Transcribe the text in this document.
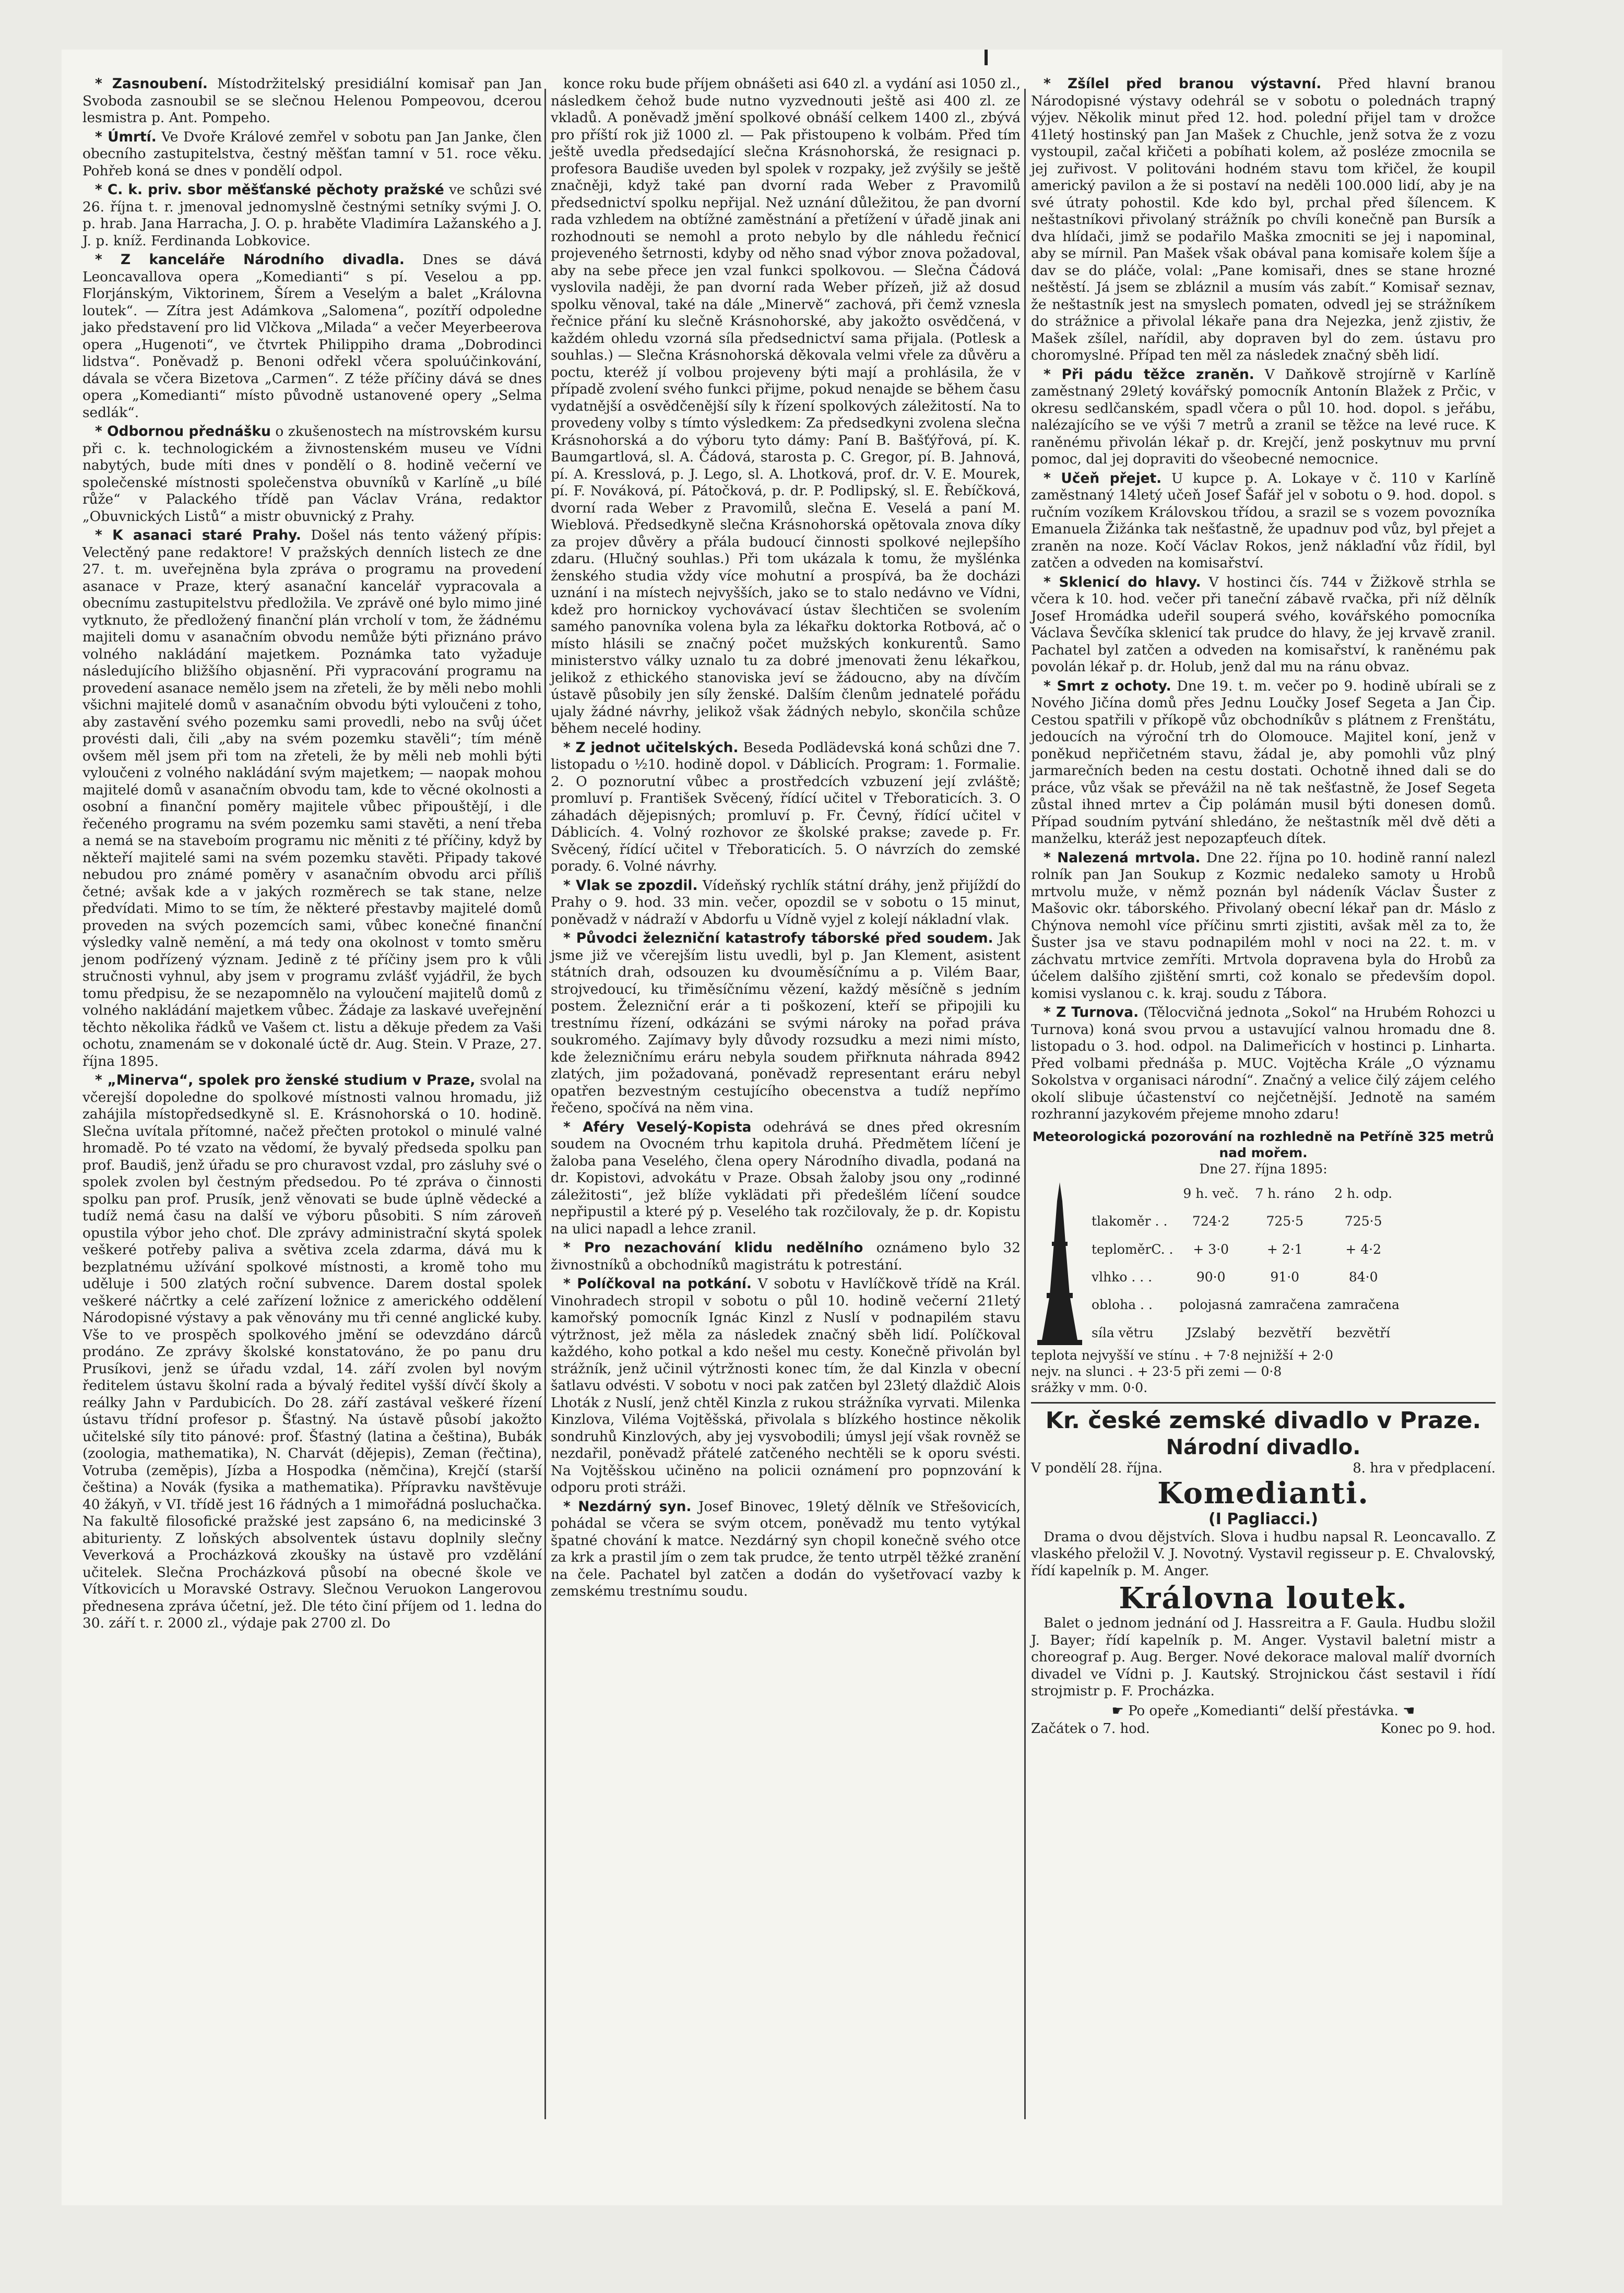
* Zasnoubení. Místodržitelský presidiální komisař pan Jan Svoboda zasnoubil se se slečnou Helenou Pompeovou, dcerou lesmistra p. Ant. Pompeho.

* Úmrtí. Ve Dvoře Králové zemřel v sobotu pan Jan Janke, člen obecního zastupitelstva, čestný měšťan tamní v 51. roce věku. Pohřeb koná se dnes v pondělí odpol.

* C. k. priv. sbor měšťanské pěchoty pražské ve schůzi své 26. října t. r. jmenoval jednomyslně čestnými setníky svými J. O. p. hrab. Jana Harracha, J. O. p. hraběte Vladimíra Lažanského a J. J. p. kníž. Ferdinanda Lobkovice.

* Z kanceláře Národního divadla. Dnes se dává Leoncavallova opera „Komedianti“ s pí. Veselou a pp. Florjánským, Viktorinem, Šírem a Veselým a balet „Královna loutek“. — Zítra jest Adámkova „Salomena“, pozítří odpoledne jako představení pro lid Vlčkova „Milada“ a večer Meyerbeerova opera „Hugenoti“, ve čtvrtek Philippiho drama „Dobrodinci lidstva“. Poněvadž p. Benoni odřekl včera spoluúčinkování, dávala se včera Bizetova „Carmen“. Z téže příčiny dává se dnes opera „Komedianti“ místo původně ustanovené opery „Selma sedlák“.

* Odbornou přednášku o zkušenostech na místrovském kursu při c. k. technologickém a živnostenském museu ve Vídni nabytých, bude míti dnes v pondělí o 8. hodině večerní ve společenské místnosti společenstva obuvníků v Karlíně „u bílé růže“ v Palackého třídě pan Václav Vrána, redaktor „Obuvnických Listů“ a mistr obuvnický z Prahy.

* K asanaci staré Prahy. Došel nás tento vážený přípis: Velectěný pane redaktore! V pražských denních listech ze dne 27. t. m. uveřejněna byla zpráva o programu na provedení asanace v Praze, který asanační kancelář vypracovala a obecnímu zastupitelstvu předložila. Ve zprávě oné bylo mimo jiné vytknuto, že předložený finanční plán vrcholí v tom, že žádnému majiteli domu v asanačním obvodu nemůže býti přiznáno právo volného nakládání majetkem. Poznámka tato vyžaduje následujícího bližšího objasnění. Při vypracování programu na provedení asanace nemělo jsem na zřeteli, že by měli nebo mohli všichni majitelé domů v asanačním obvodu býti vyloučeni z toho, aby zastavění svého pozemku sami provedli, nebo na svůj účet provésti dali, čili „aby na svém pozemku stavěli“; tím méně ovšem měl jsem při tom na zřeteli, že by měli neb mohli býti vyloučeni z volného nakládání svým majetkem; — naopak mohou majitelé domů v asanačním obvodu tam, kde to věcné okolnosti a osobní a finanční poměry majitele vůbec připouštějí, i dle řečeného programu na svém pozemku sami stavěti, a není třeba a nemá se na staveboím programu nic měniti z té příčiny, když by někteří majitelé sami na svém pozemku stavěti. Připady takové nebudou pro známé poměry v asanačním obvodu arci příliš četné; avšak kde a v jakých rozměrech se tak stane, nelze předvídati. Mimo to se tím, že některé přestavby majitelé domů proveden na svých pozemcích sami, vůbec konečné finanční výsledky valně nemění, a má tedy ona okolnost v tomto směru jenom podřízený význam. Jedině z té příčiny jsem pro k vůli stručnosti vyhnul, aby jsem v programu zvlášť vyjádřil, že bych tomu předpisu, že se nezapomnělo na vyloučení majitelů domů z volného nakládání majetkem vůbec. Žádaje za laskavé uveřejnění těchto několika řádků ve Vašem ct. listu a děkuje předem za Vaši ochotu, znamenám se v dokonalé úctě dr. Aug. Stein. V Praze, 27. října 1895.

* „Minerva“, spolek pro ženské studium v Praze, svolal na včerejší dopoledne do spolkové místnosti valnou hromadu, již zahájila místopředsedkyně sl. E. Krásnohorská o 10. hodině. Slečna uvítala přítomné, načež přečten protokol o minulé valné hromadě. Po té vzato na vědomí, že byvalý předseda spolku pan prof. Baudiš, jenž úřadu se pro churavost vzdal, pro zásluhy své o spolek zvolen byl čestným předsedou. Po té zpráva o činnosti spolku pan prof. Prusík, jenž věnovati se bude úplně vědecké a tudíž nemá času na další ve výboru působiti. S ním zároveň opustila výbor jeho choť. Dle zprávy administrační skytá spolek veškeré potřeby paliva a světiva zcela zdarma, dává mu k bezplatnému užívání spolkové místnosti, a kromě toho mu uděluje i 500 zlatých roční subvence. Darem dostal spolek veškeré náčrtky a celé zařízení ložnice z amerického oddělení Národopisné výstavy a pak věnovány mu tři cenné anglické kuby. Vše to ve prospěch spolkového jmění se odevzdáno dárců prodáno. Ze zprávy školské konstatováno, že po panu dru Prusíkovi, jenž se úřadu vzdal, 14. září zvolen byl novým ředitelem ústavu školní rada a bývalý ředitel vyšší dívčí školy a reálky Jahn v Pardubicích. Do 28. září zastával veškeré řízení ústavu třídní profesor p. Šťastný. Na ústavě působí jakožto učitelské síly tito pánové: prof. Šťastný (latina a čeština), Bubák (zoologia, mathematika), N. Charvát (dějepis), Zeman (řečtina), Votruba (zeměpis), Jízba a Hospodka (němčina), Krejčí (starší čeština) a Novák (fysika a mathematika). Přípravku navštěvuje 40 žákyň, v VI. třídě jest 16 řádných a 1 mimořádná posluchačka. Na fakultě filosofické pražské jest zapsáno 6, na medicinské 3 abiturienty. Z loňských absolventek ústavu doplnily slečny Veverková a Procházková zkoušky na ústavě pro vzdělání učitelek. Slečna Procházková působí na obecné škole ve Vítkovicích u Moravské Ostravy. Slečnou Veruokon Langerovou přednesena zpráva účetní, jež. Dle této činí příjem od 1. ledna do 30. září t. r. 2000 zl., výdaje pak 2700 zl. Do

konce roku bude příjem obnášeti asi 640 zl. a vydání asi 1050 zl., následkem čehož bude nutno vyzvednouti ještě asi 400 zl. ze vkladů. A poněvadž jmění spolkové obnáší celkem 1400 zl., zbývá pro příští rok již 1000 zl. — Pak přistoupeno k volbám. Před tím ještě uvedla předsedající slečna Krásnohorská, že resignaci p. profesora Baudiše uveden byl spolek v rozpaky, jež zvýšily se ještě značněji, když také pan dvorní rada Weber z Pravomilů předsednictví spolku nepřijal. Než uznání důležitou, že pan dvorní rada vzhledem na obtížné zaměstnání a přetížení v úřadě jinak ani rozhodnouti se nemohl a proto nebylo by dle náhledu řečnicí projeveného šetrnosti, kdyby od něho snad výbor znova požadoval, aby na sebe přece jen vzal funkci spolkovou. — Slečna Čádová vyslovila naději, že pan dvorní rada Weber přízeň, již až dosud spolku věnoval, také na dále „Minervě“ zachová, při čemž vznesla řečnice přání ku slečně Krásnohorské, aby jakožto osvědčená, v každém ohledu vzorná síla předsednictví sama přijala. (Potlesk a souhlas.) — Slečna Krásnohorská děkovala velmi vřele za důvěru a poctu, kteréž jí volbou projeveny býti mají a prohlásila, že v případě zvolení svého funkci přijme, pokud nenajde se během času vydatnější a osvědčenější síly k řízení spolkových záležitostí. Na to provedeny volby s tímto výsledkem: Za předsedkyni zvolena slečna Krásnohorská a do výboru tyto dámy: Paní B. Bašťýřová, pí. K. Baumgartlová, sl. A. Čádová, starosta p. C. Gregor, pí. B. Jahnová, pí. A. Kresslová, p. J. Lego, sl. A. Lhotková, prof. dr. V. E. Mourek, pí. F. Nováková, pí. Pátočková, p. dr. P. Podlipský, sl. E. Řebíčková, dvorní rada Weber z Pravomilů, slečna E. Veselá a paní M. Wieblová. Předsedkyně slečna Krásnohorská opětovala znova díky za projev důvěry a přála budoucí činnosti spolkové nejlepšího zdaru. (Hlučný souhlas.) Při tom ukázala k tomu, že myšlénka ženského studia vždy více mohutní a prospívá, ba že docházi uznání i na místech nejvyšších, jako se to stalo nedávno ve Vídni, kdež pro hornickoy vychovávací ústav šlechtičen se svolením samého panovníka volena byla za lékařku doktorka Rotbová, ač o místo hlásili se značný počet mužských konkurentů. Samo ministerstvo války uznalo tu za dobré jmenovati ženu lékařkou, jelikož z ethického stanoviska jeví se žádoucno, aby na dívčím ústavě působily jen síly ženské. Dalším členům jednatelé pořádu ujaly žádné návrhy, jelikož však žádných nebylo, skončila schůze během necelé hodiny.

* Z jednot učitelských. Beseda Podlädevská koná schůzi dne 7. listopadu o ½10. hodině dopol. v Dáblicích. Program: 1. Formalie. 2. O poznorutní vůbec a prostředcích vzbuzení její zvláště; promluví p. František Svěcený, řídící učitel v Třeboraticích. 3. O záhadách dějepisných; promluví p. Fr. Čevný, řídící učitel v Dáblicích. 4. Volný rozhovor ze školské prakse; zavede p. Fr. Svěcený, řídící učitel v Třeboraticích. 5. O návrzích do zemské porady. 6. Volné návrhy.

* Vlak se zpozdil. Vídeňský rychlík státní dráhy, jenž přijíždí do Prahy o 9. hod. 33 min. večer, opozdil se v sobotu o 15 minut, poněvadž v nádraží v Abdorfu u Vídně vyjel z kolejí nákladní vlak.

* Původci železniční katastrofy táborské před soudem. Jak jsme již ve včerejším listu uvedli, byl p. Jan Klement, asistent státních drah, odsouzen ku dvouměsíčnímu a p. Vilém Baar, strojvedoucí, ku třiměsíčnímu vězení, každý měsíčně s jedním postem. Železniční erár a ti poškození, kteří se připojili ku trestnímu řízení, odkázáni se svými nároky na pořad práva soukromého. Zajímavy byly důvody rozsudku a mezi nimi místo, kde železničnímu eráru nebyla soudem přiřknuta náhrada 8942 zlatých, jim požadovaná, poněvadž representant eráru nebyl opatřen bezvestným cestujícího obecenstva a tudíž nepřímo řečeno, spočívá na něm vina.

* Aféry Veselý-Kopista odehrává se dnes před okresním soudem na Ovocném trhu kapitola druhá. Předmětem líčení je žaloba pana Veselého, člena opery Národního divadla, podaná na dr. Kopistovi, advokátu v Praze. Obsah žaloby jsou ony „rodinné záležitosti“, jež blíže vyklädati při předešlém líčení soudce nepřipustil a které pý p. Veselého tak rozčilovaly, že p. dr. Kopistu na ulici napadl a lehce zranil.

* Pro nezachování klidu nedělního oznámeno bylo 32 živnostníků a obchodníků magistrátu k potrestání.

* Políčkoval na potkání. V sobotu v Havlíčkově třídě na Král. Vinohradech stropil v sobotu o půl 10. hodině večerní 21letý kamořský pomocník Ignác Kinzl z Nuslí v podnapilém stavu výtržnost, jež měla za následek značný sběh lidí. Políčkoval každého, koho potkal a kdo nešel mu cesty. Konečně přivolán byl strážník, jenž učinil výtržnosti konec tím, že dal Kinzla v obecní šatlavu odvésti. V sobotu v noci pak zatčen byl 23letý dlaždič Alois Lhoták z Nuslí, jenž chtěl Kinzla z rukou strážníka vyrvati. Milenka Kinzlova, Viléma Vojtěšská, přivolala s blízkého hostince několik sondruhů Kinzlových, aby jej vysvobodili; úmysl její však rovněž se nezdařil, poněvadž přátelé zatčeného nechtěli se k oporu svésti. Na Vojtěšskou učiněno na policii oznámení pro popnzování k odporu proti stráži.

* Nezdárný syn. Josef Binovec, 19letý dělník ve Střešovicích, pohádal se včera se svým otcem, poněvadž mu tento vytýkal špatné chování k matce. Nezdárný syn chopil konečně svého otce za krk a prastil jím o zem tak prudce, že tento utrpěl těžké zranění na čele. Pachatel byl zatčen a dodán do vyšetřovací vazby k zemskému trestnímu soudu.

* Zšílel před branou výstavní. Před hlavní branou Národopisné výstavy odehrál se v sobotu o polednách trapný výjev. Několik minut před 12. hod. polední přijel tam v drožce 41letý hostinský pan Jan Mašek z Chuchle, jenž sotva že z vozu vystoupil, začal křičeti a pobíhati kolem, až posléze zmocnila se jej zuřivost. V politováni hodném stavu tom křičel, že koupil americký pavilon a že si postaví na neděli 100.000 lidí, aby je na své útraty pohostil. Kde kdo byl, prchal před šílencem. K neštastníkovi přivolaný strážník po chvíli konečně pan Bursík a dva hlídači, jimž se podařilo Maška zmocniti se jej i napominal, aby se mírnil. Pan Mašek však obával pana komisaře kolem šíje a dav se do pláče, volal: „Pane komisaři, dnes se stane hrozné neštěstí. Já jsem se zbláznil a musím vás zabít.“ Komisař seznav, že neštastník jest na smyslech pomaten, odvedl jej se strážníkem do strážnice a přivolal lékaře pana dra Nejezka, jenž zjistiv, že Mašek zšílel, nařídil, aby dopraven byl do zem. ústavu pro choromyslné. Případ ten měl za následek značný sběh lidí.

* Při pádu těžce zraněn. V Daňkově strojírně v Karlíně zaměstnaný 29letý kovářský pomocník Antonín Blažek z Prčic, v okresu sedlčanském, spadl včera o půl 10. hod. dopol. s jeřábu, nalézajícího se ve výši 7 metrů a zranil se těžce na levé ruce. K raněnému přivolán lékař p. dr. Krejčí, jenž poskytnuv mu první pomoc, dal jej dopraviti do všeobecné nemocnice.

* Učeň přejet. U kupce p. A. Lokaye v č. 110 v Karlíně zaměstnaný 14letý učeň Josef Šafář jel v sobotu o 9. hod. dopol. s ručním vozíkem Královskou třídou, a srazil se s vozem povozníka Emanuela Žižánka tak nešťastně, že upadnuv pod vůz, byl přejet a zraněn na noze. Kočí Václav Rokos, jenž náklaďní vůz řídil, byl zatčen a odveden na komisařství.

* Sklenicí do hlavy. V hostinci čís. 744 v Žižkově strhla se včera k 10. hod. večer při taneční zábavě rvačka, při níž dělník Josef Hromádka udeřil souperá svého, kovářského pomocníka Václava Ševčíka sklenicí tak prudce do hlavy, že jej krvavě zranil. Pachatel byl zatčen a odveden na komisařství, k raněnému pak povolán lékař p. dr. Holub, jenž dal mu na ránu obvaz.

* Smrt z ochoty. Dne 19. t. m. večer po 9. hodině ubírali se z Nového Jičína domů přes Jednu Loučky Josef Segeta a Jan Čip. Cestou spatřili v příkopě vůz obchodníkův s plátnem z Frenštátu, jedoucích na výroční trh do Olomouce. Majitel koní, jenž v poněkud nepřičetném stavu, žádal je, aby pomohli vůz plný jarmarečních beden na cestu dostati. Ochotně ihned dali se do práce, vůz však se převážil na ně tak nešťastně, že Josef Segeta zůstal ihned mrtev a Čip polámán musil býti donesen domů. Případ soudním pytvání shledáno, že neštastník měl dvě děti a manželku, kteráž jest nepozapťeuch dítek.

* Nalezená mrtvola. Dne 22. října po 10. hodině ranní nalezl rolník pan Jan Soukup z Kozmic nedaleko samoty u Hrobů mrtvolu muže, v němž poznán byl nádeník Václav Šuster z Mašovic okr. táborského. Přivolaný obecní lékař pan dr. Máslo z Chýnova nemohl více příčinu smrti zjistiti, avšak měl za to, že Šuster jsa ve stavu podnapilém mohl v noci na 22. t. m. v záchvatu mrtvice zemříti. Mrtvola dopravena byla do Hrobů za účelem dalšího zjištění smrti, což konalo se především dopol. komisi vyslanou c. k. kraj. soudu z Tábora.

* Z Turnova. (Tělocvičná jednota „Sokol“ na Hrubém Rohozci u Turnova) koná svou prvou a ustavující valnou hromadu dne 8. listopadu o 3. hod. odpol. na Dalimeřicích v hostinci p. Linharta. Před volbami přednáša p. MUC. Vojtěcha Krále „O významu Sokolstva v organisaci národní“. Značný a velice čilý zájem celého okolí slibuje účastenství co nejčetnější. Jednotě na samém rozhranní jazykovém přejeme mnoho zdaru!

Meteorologická pozorování na rozhledně na Petříně 325 metrů nad mořem.
Dne 27. října 1895:
	9 h. več.	7 h. ráno	2 h. odp.
tlakoměr . .	724·2	725·5	725·5
teploměrC. .	+ 3·0	+ 2·1	+ 4·2
vlhko . . .	90·0	91·0	84·0
oblohа . .	polojasná	zamračena	zamračena
síla větru	JZslabý	bezvětří	bezvětří
teplota nejvyšší ve stínu . + 7·8 nejnižší + 2·0
nejv. na slunci . + 23·5 při zemi — 0·8
srážky v mm. 0·0.
Kr. české zemské divadlo v Praze.
Národní divadlo.
V pondělí 28. října.	8. hra v předplacení.
Komedianti.
(I Pagliacci.)

Drama o dvou dějstvích. Slova i hudbu napsal R. Leoncavallo. Z vlaského přeložil V. J. Novotný. Vystavil regisseur p. E. Chvalovský, řídí kapelník p. M. Anger.

Královna loutek.

Balet o jednom jednání od J. Hassreitra a F. Gaula. Hudbu složil J. Bayer; řídí kapelník p. M. Anger. Vystavil baletní mistr a choreograf p. Aug. Berger. Nové dekorace maloval malíř dvorních divadel ve Vídni p. J. Kautský. Strojnickou část sestavil i řídí strojmistr p. F. Procházka.

☛ Po opeře „Komedianti“ delší přestávka. ☚
Začátek o 7. hod.	Konec po 9. hod.
